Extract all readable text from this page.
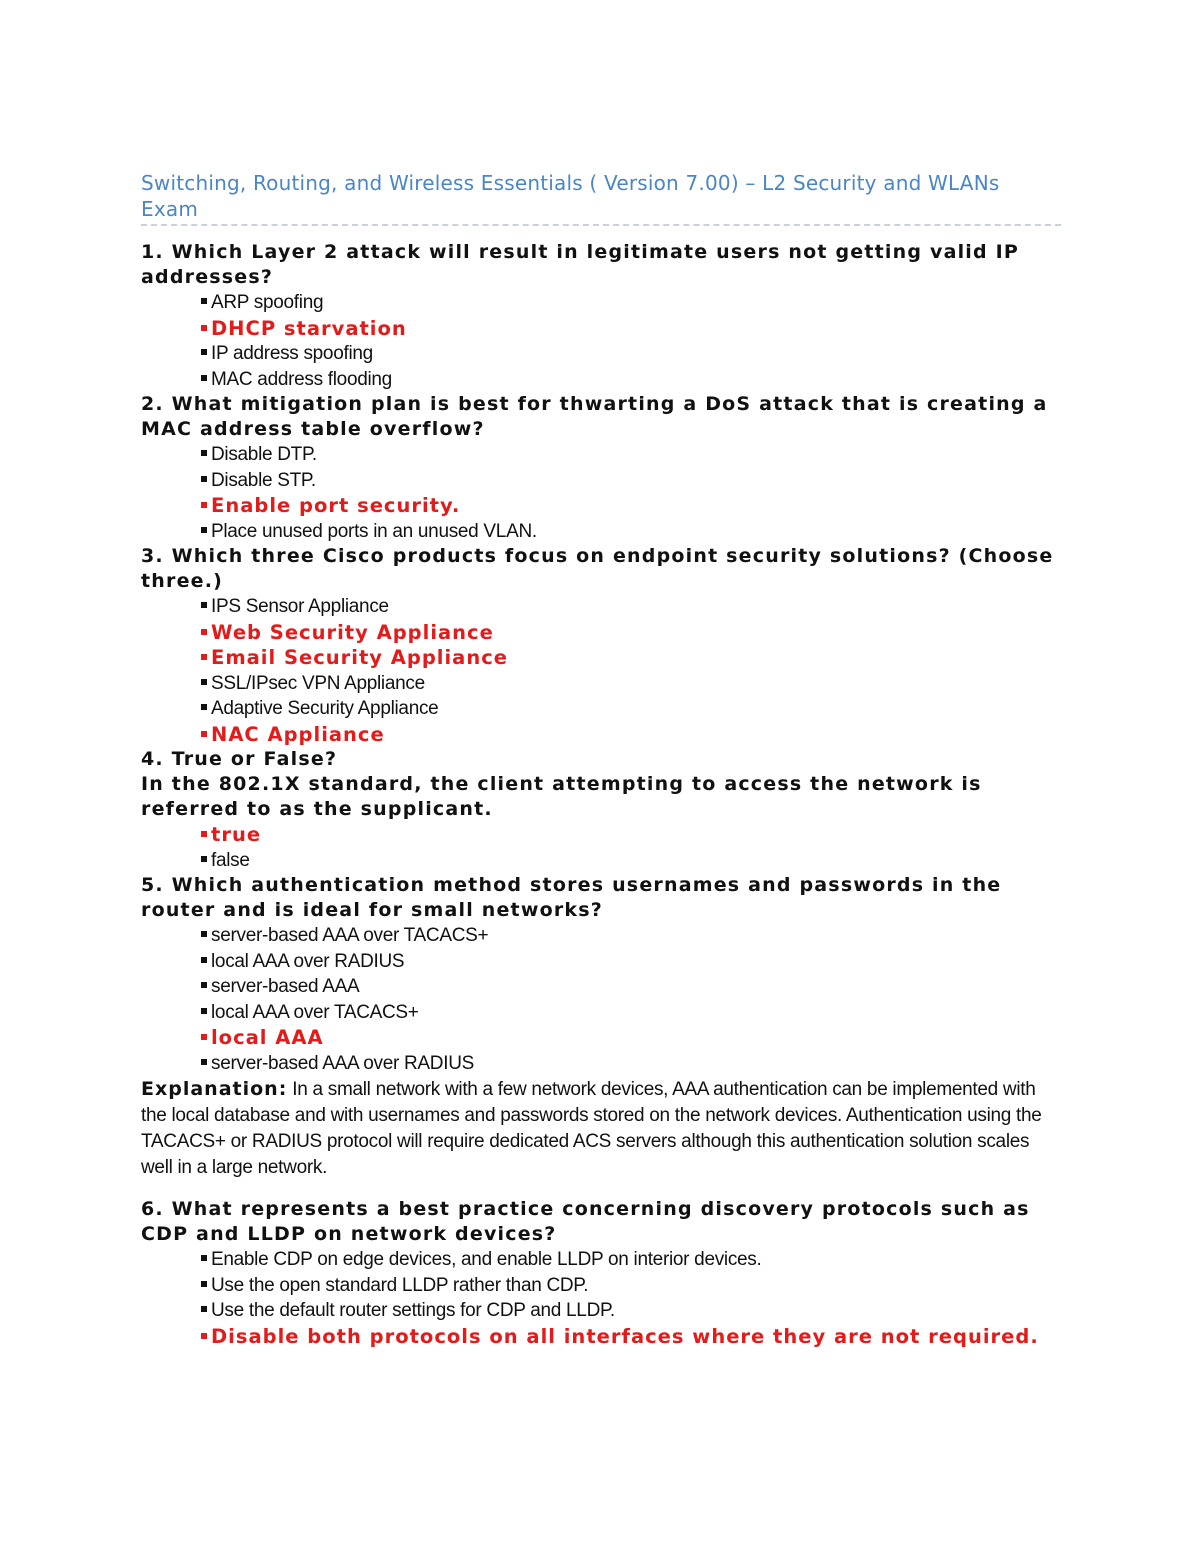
Switching, Routing, and Wireless Essentials ( Version 7.00) – L2 Security and WLANs Exam
1. Which Layer 2 attack will result in legitimate users not getting valid IP addresses?
ARP spoofing
DHCP starvation
IP address spoofing
MAC address flooding
2. What mitigation plan is best for thwarting a DoS attack that is creating a MAC address table overflow?
Disable DTP.
Disable STP.
Enable port security.
Place unused ports in an unused VLAN.
3. Which three Cisco products focus on endpoint security solutions? (Choose three.)
IPS Sensor Appliance
Web Security Appliance
Email Security Appliance
SSL/IPsec VPN Appliance
Adaptive Security Appliance
NAC Appliance
4. True or False?
In the 802.1X standard, the client attempting to access the network is referred to as the supplicant.
true
false
5. Which authentication method stores usernames and passwords in the router and is ideal for small networks?
server-based AAA over TACACS+
local AAA over RADIUS
server-based AAA
local AAA over TACACS+
local AAA
server-based AAA over RADIUS
Explanation: In a small network with a few network devices, AAA authentication can be implemented with the local database and with usernames and passwords stored on the network devices. Authentication using the TACACS+ or RADIUS protocol will require dedicated ACS servers although this authentication solution scales well in a large network.
6. What represents a best practice concerning discovery protocols such as CDP and LLDP on network devices?
Enable CDP on edge devices, and enable LLDP on interior devices.
Use the open standard LLDP rather than CDP.
Use the default router settings for CDP and LLDP.
Disable both protocols on all interfaces where they are not required.
